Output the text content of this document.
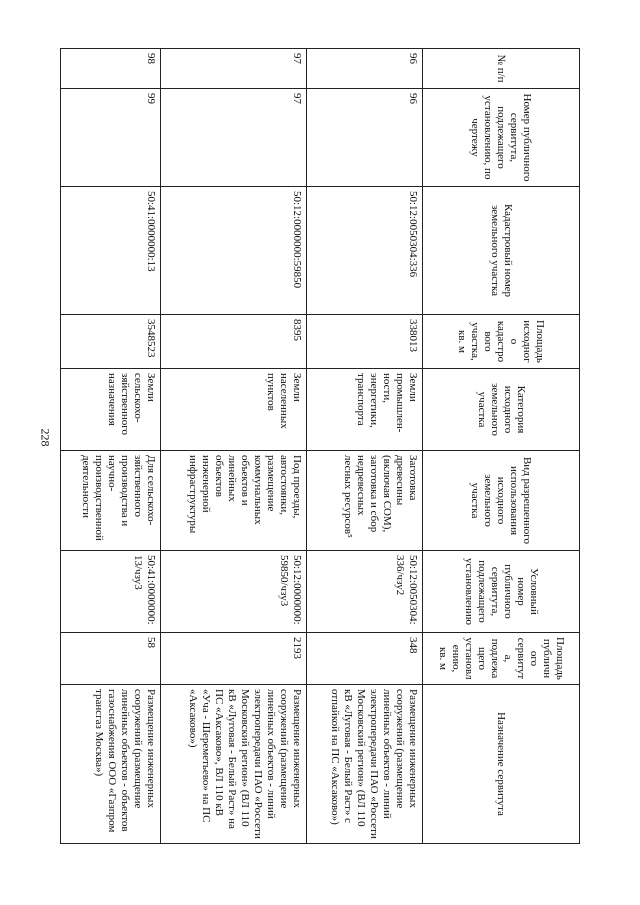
228
№ п/п	Номер публичного сервитута, подлежащего установлению, по чертежу	Кадастровый номер земельного участка	Площадь исходного кадастрового участка, кв. м	Категория исходного земельного участка	Вид разрешенного использования исходного земельного участка	Условный номер публичного сервитута, подлежащего установлению	Площадь публичного сервитута, подлежащего установлению, кв. м	Назначение сервитута
96	96	50:12:0050304:336	338013	Земли промышлен-ности, энергетики, транспорта	Заготовка древесины (включая СОМ), заготовка и сбор недревесных лесных ресурсов⁵	50:12:0050304:336/чзу2	348	Размещение инженерных сооружений (размещение линейных объектов - линий электропередачи ПАО «Россети Московский регион» (ВЛ 110 кВ «Луговая - Белый Раст» с отпайкой на ПС «Аксаково»)
97	97	50:12:0000000:59850	8395	Земли населенных пунктов	Под проезды, автостоянки, размещение коммунальных объектов и линейных объектов инженерной инфраструктуры	50:12:0000000:59850/чзу3	2193	Размещение инженерных сооружений (размещение линейных объектов - линий электропередачи ПАО «Россети Московский регион» (ВЛ 110 кВ «Луговая - Белый Раст» на ПС «Аксаково», ВЛ 110 кВ «Уча - Шереметьево» на ПС «Аксаково»)
98	99	50:41:0000000:13	3548523	Земли сельскохо-зяйственного назначения	Для сельскохо-зяйственного производства и научно-производственной деятельности	50:41:0000000:13/чзу3	58	Размещение инженерных сооружений (размещение линейных объектов - объектов газоснабжения ООО «Газпром трансгаз Москва»)
